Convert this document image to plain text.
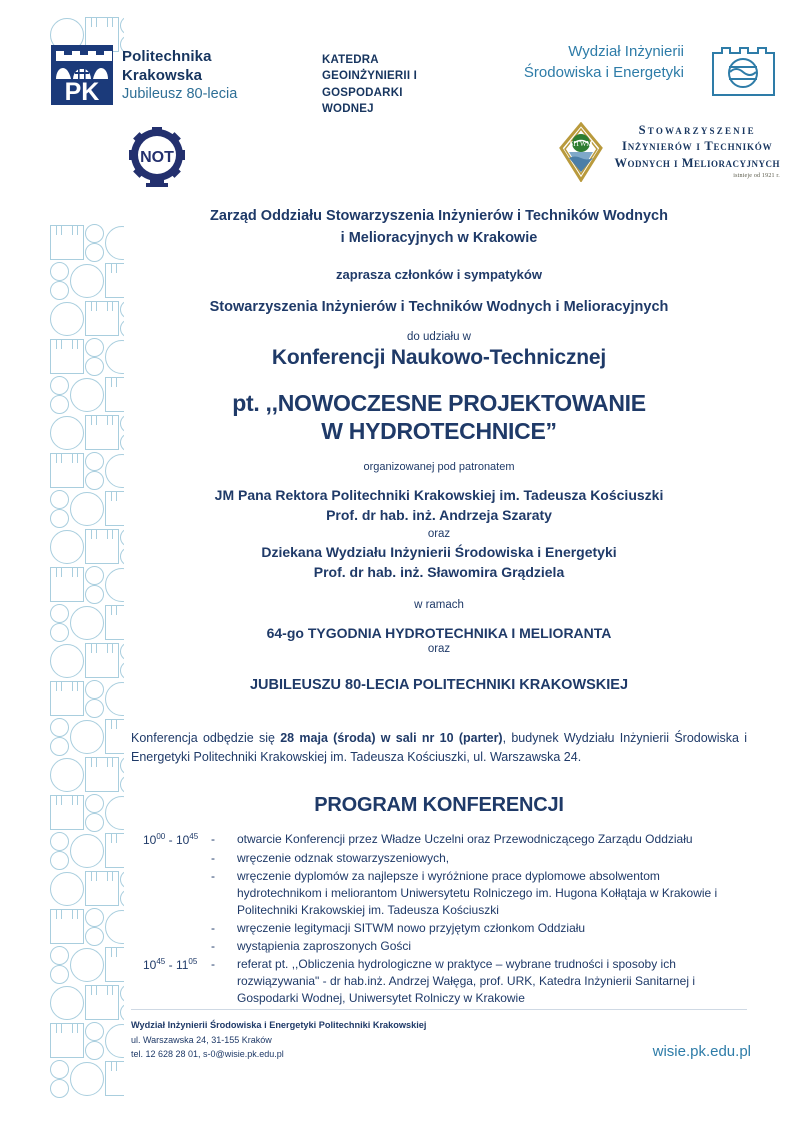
PK
Politechnika
Krakowska
Jubileusz 80-lecia
KATEDRA
GEOINŻYNIERII I
GOSPODARKI
WODNEJ
Wydział Inżynierii
Środowiska i Energetyki
NOT
SITWM
Stowarzyszenie
Inżynierów i Techników
Wodnych i Melioracyjnych
istnieje od 1921 r.
Zarząd Oddziału Stowarzyszenia Inżynierów i Techników Wodnych
i Melioracyjnych w Krakowie
zaprasza członków i sympatyków
Stowarzyszenia Inżynierów i Techników Wodnych i Melioracyjnych
do udziału w
Konferencji Naukowo-Technicznej
pt. ,,NOWOCZESNE PROJEKTOWANIE
W HYDROTECHNICE”
organizowanej pod patronatem
JM Pana Rektora Politechniki Krakowskiej im. Tadeusza Kościuszki
Prof. dr hab. inż. Andrzeja Szaraty
oraz
Dziekana Wydziału Inżynierii Środowiska i Energetyki
Prof. dr hab. inż. Sławomira Grądziela
w ramach
64-go TYGODNIA HYDROTECHNIKA I MELIORANTA
oraz
JUBILEUSZU 80-LECIA POLITECHNIKI KRAKOWSKIEJ
Konferencja odbędzie się 28 maja (środa) w sali nr 10 (parter), budynek Wydziału Inżynierii Środowiska i Energetyki Politechniki Krakowskiej im. Tadeusza Kościuszki, ul. Warszawska 24.
PROGRAM KONFERENCJI
$10^{00} - 10^{45}$	-	otwarcie Konferencji przez Władze Uczelni oraz Przewodniczącego Zarządu Oddziału
-	wręczenie odznak stowarzyszeniowych,
-	wręczenie dyplomów za najlepsze i wyróżnione prace dyplomowe absolwentom hydrotechnikom i meliorantom Uniwersytetu Rolniczego im. Hugona Kołłątaja w Krakowie i Politechniki Krakowskiej im. Tadeusza Kościuszki
-	wręczenie legitymacji SITWM nowo przyjętym członkom Oddziału
-	wystąpienia zaproszonych Gości
$10^{45} - 11^{05}$	-	referat pt. ,,Obliczenia hydrologiczne w praktyce – wybrane trudności i sposoby ich rozwiązywania" - dr hab.inż. Andrzej Wałęga, prof. URK, Katedra Inżynierii Sanitarnej i Gospodarki Wodnej, Uniwersytet Rolniczy w Krakowie
Wydział Inżynierii Środowiska i Energetyki Politechniki Krakowskiej
ul. Warszawska 24, 31-155 Kraków
tel. 12 628 28 01, s-0@wisie.pk.edu.pl	wisie.pk.edu.pl
